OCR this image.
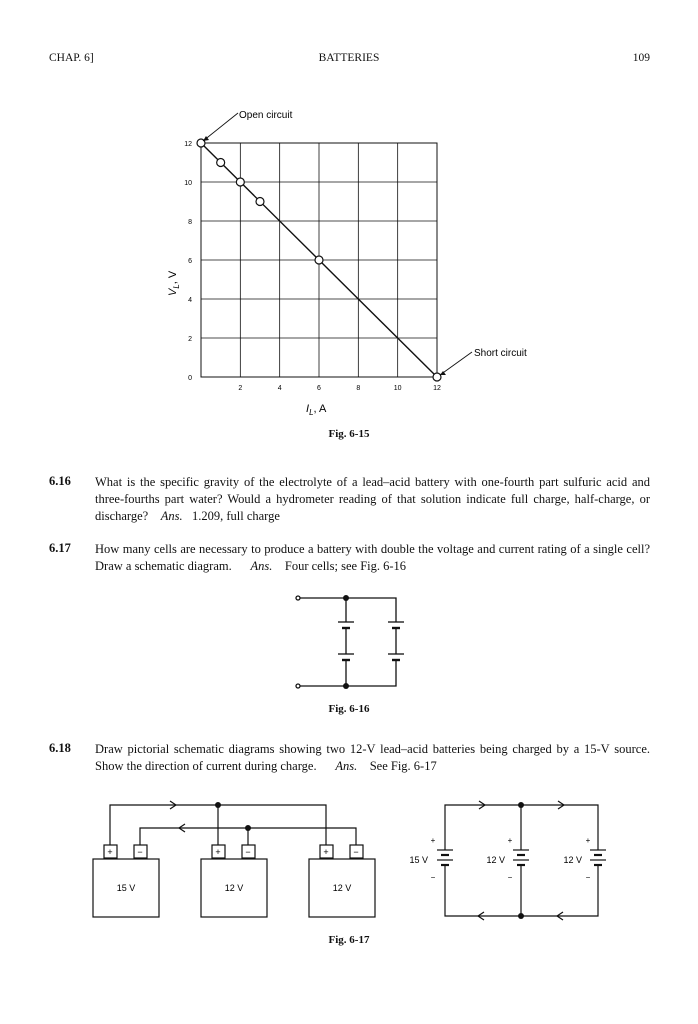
CHAP. 6]	BATTERIES	109
2	4	6	8	10	12
12
10
8
6
4
2
0
Open circuit
Short circuit
$I_L$, A
$V_L$, V
Fig. 6-15
6.16 What is the specific gravity of the electrolyte of a lead–acid battery with one-fourth part sulfuric acid and three-fourths part water? Would a hydrometer reading of that solution indicate full charge, half-charge, or discharge? Ans. 1.209, full charge
6.17 How many cells are necessary to produce a battery with double the voltage and current rating of a single cell? Draw a schematic diagram. Ans. Four cells; see Fig. 6-16
Fig. 6-16
6.18 Draw pictorial schematic diagrams showing two 12-V lead–acid batteries being charged by a 15-V source. Show the direction of current during charge. Ans. See Fig. 6-17
+	−	+	−	+	−
15 V	12 V	12 V
+
−
+
−
+
−
15 V	12 V	12 V
Fig. 6-17
